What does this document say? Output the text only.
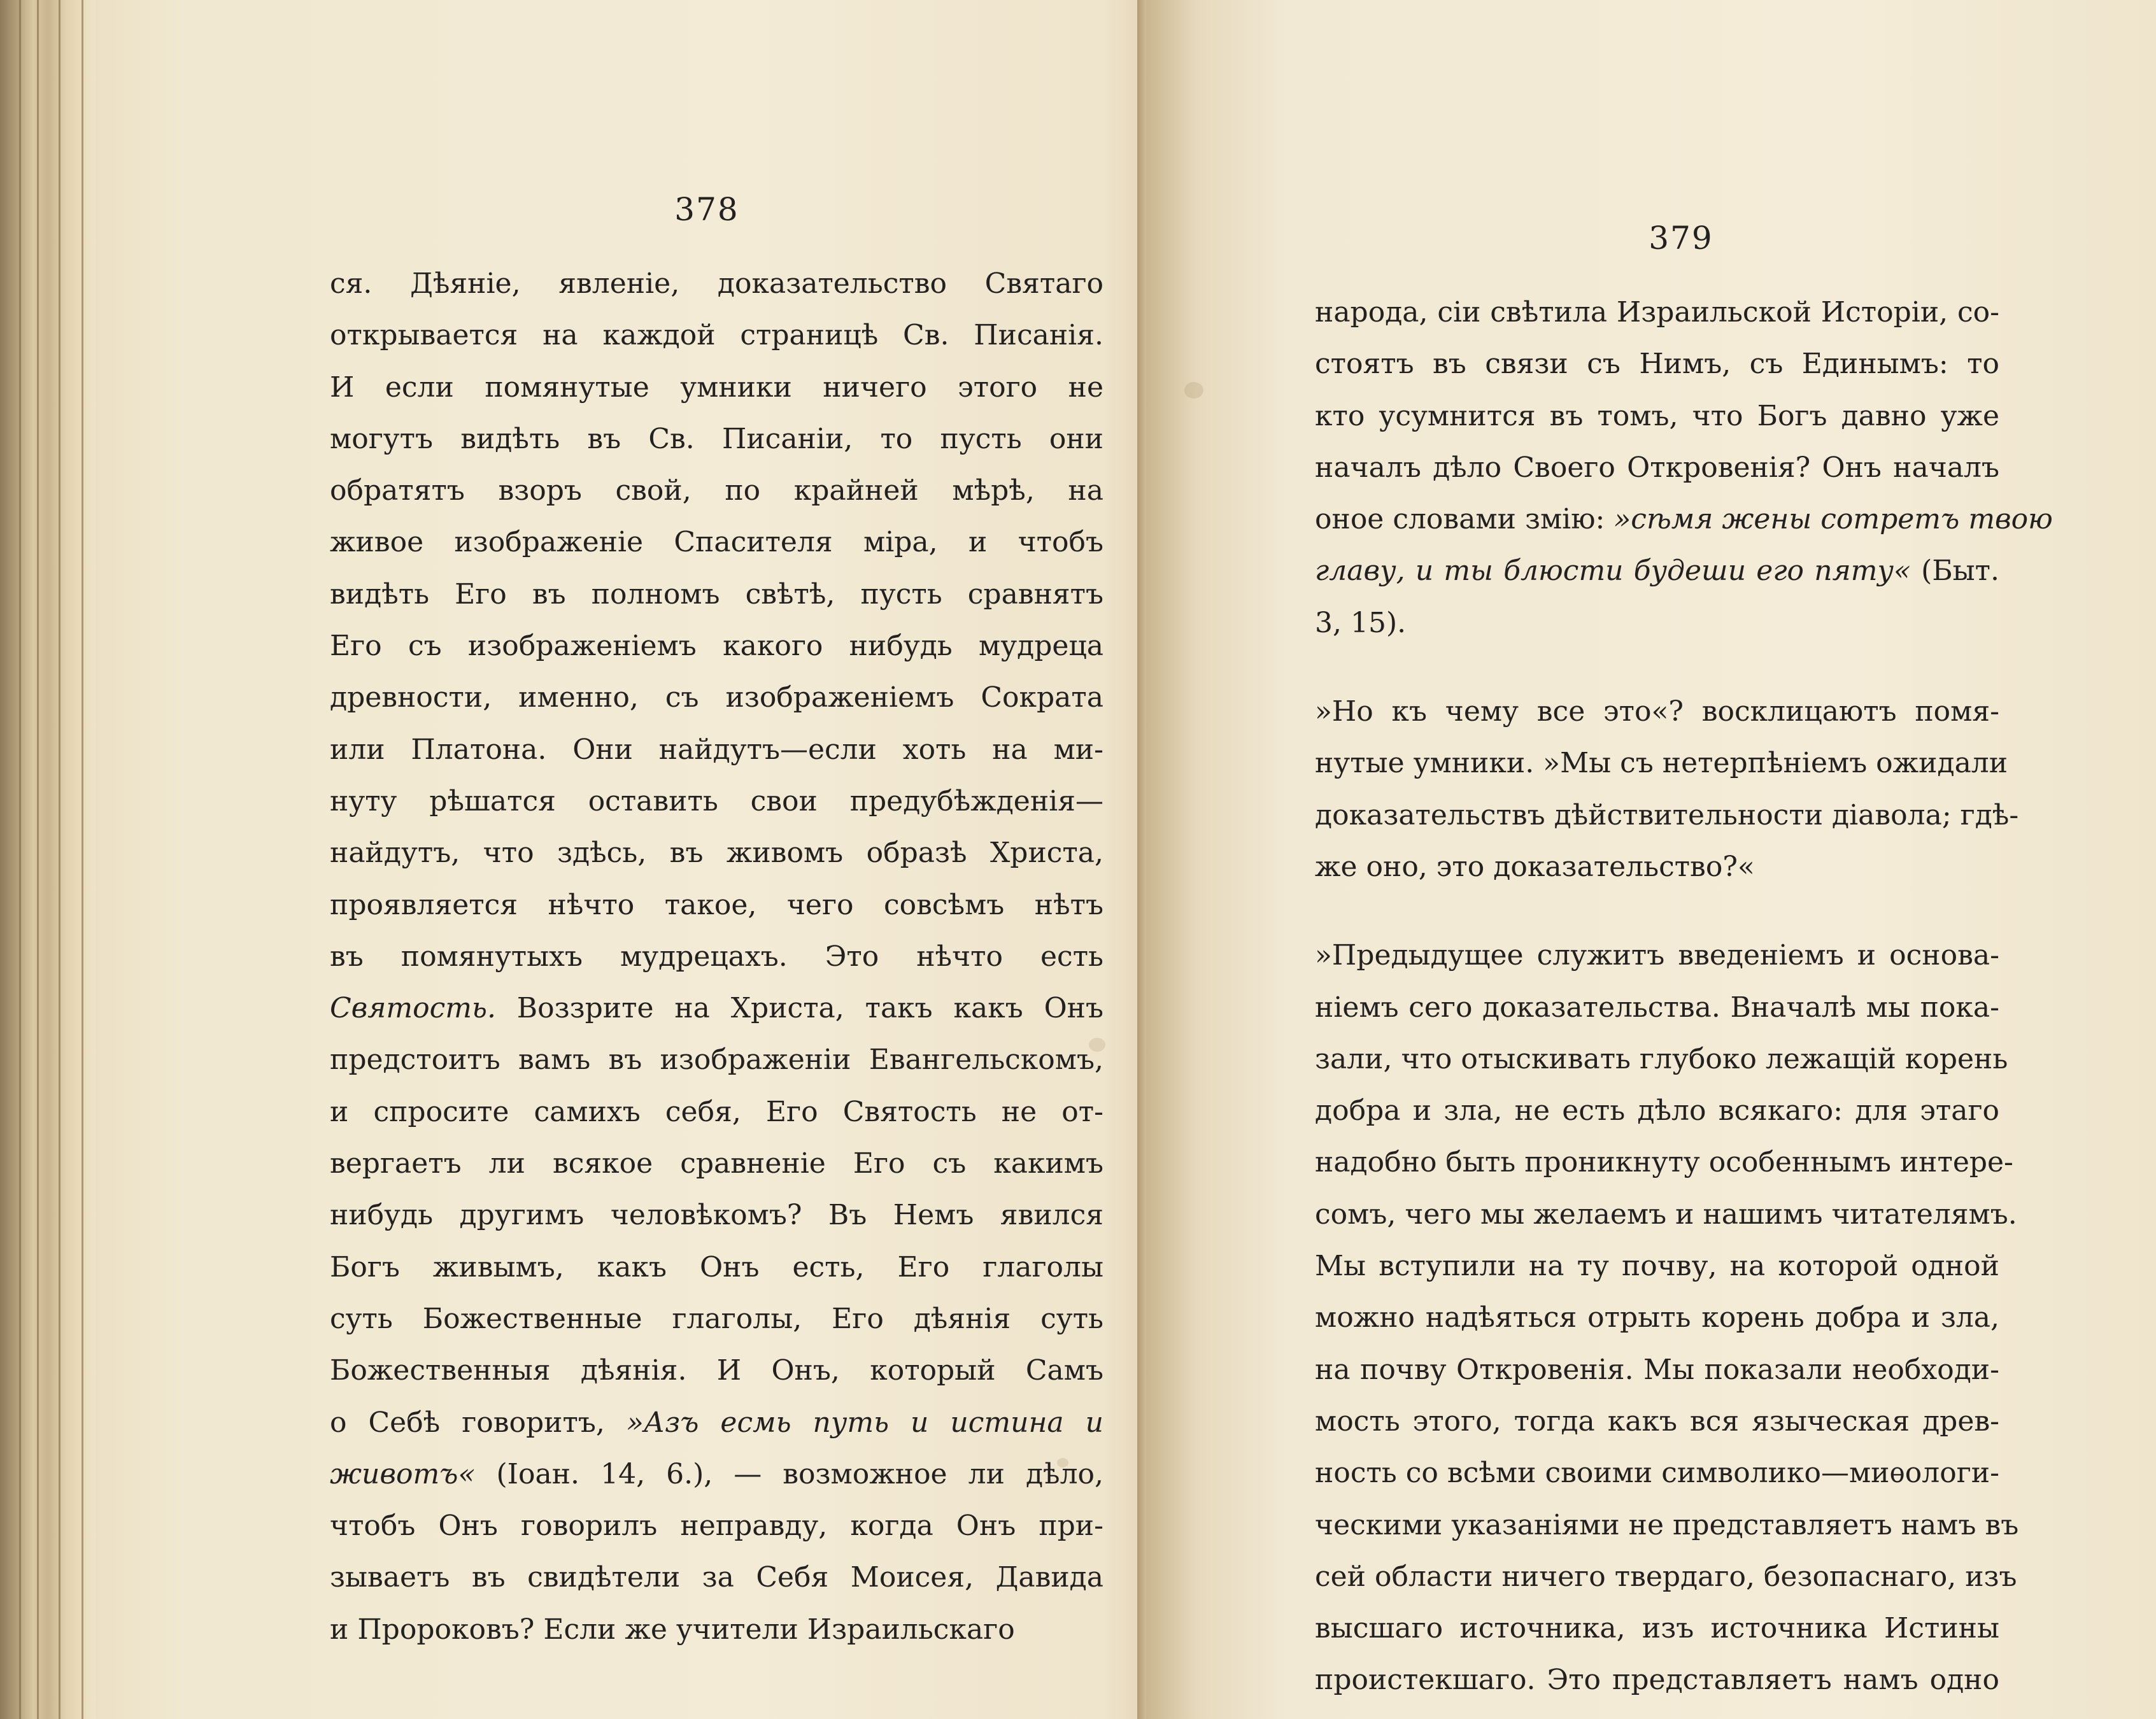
378
ся. Дѣяніе, явленіе, доказательство Святаго
открывается на каждой страницѣ Св. Писанія.
И если помянутые умники ничего этого не
могутъ видѣть въ Св. Писаніи, то пусть они
обратятъ взоръ свой, по крайней мѣрѣ, на
живое изображеніе Спасителя міра, и чтобъ
видѣть Его въ полномъ свѣтѣ, пусть сравнятъ
Его съ изображеніемъ какого нибудь мудреца
древности, именно, съ изображеніемъ Сократа
или Платона. Они найдутъ—если хоть на ми-
нуту рѣшатся оставить свои предубѣжденія—
найдутъ, что здѣсь, въ живомъ образѣ Христа,
проявляется нѣчто такое, чего совсѣмъ нѣтъ
въ помянутыхъ мудрецахъ. Это нѣчто есть
Святость. Воззрите на Христа, такъ какъ Онъ
предстоитъ вамъ въ изображеніи Евангельскомъ,
и спросите самихъ себя, Его Святость не от-
вергаетъ ли всякое сравненіе Его съ какимъ
нибудь другимъ человѣкомъ? Въ Немъ явился
Богъ живымъ, какъ Онъ есть, Его глаголы
суть Божественные глаголы, Его дѣянія суть
Божественныя дѣянія. И Онъ, который Самъ
о Себѣ говоритъ, »Азъ есмь путь и истина и
животъ« (Іоан. 14, 6.), — возможное ли дѣло,
чтобъ Онъ говорилъ неправду, когда Онъ при-
зываетъ въ свидѣтели за Себя Моисея, Давида
и Пророковъ? Если же учители Израильскаго
379
народа, сіи свѣтила Израильской Исторіи, со-
стоятъ въ связи съ Нимъ, съ Единымъ: то
кто усумнится въ томъ, что Богъ давно уже
началъ дѣло Своего Откровенія? Онъ началъ
оное словами змію: »сѣмя жены сотретъ твою
главу, и ты блюсти будеши его пяту« (Быт.
3, 15).
»Но къ чему все это«? восклицаютъ помя-
нутые умники. »Мы съ нетерпѣніемъ ожидали
доказательствъ дѣйствительности діавола; гдѣ-
же оно, это доказательство?«
»Предыдущее служитъ введеніемъ и основа-
ніемъ сего доказательства. Вначалѣ мы пока-
зали, что отыскивать глубоко лежащій корень
добра и зла, не есть дѣло всякаго: для этаго
надобно быть проникнуту особеннымъ интере-
сомъ, чего мы желаемъ и нашимъ читателямъ.
Мы вступили на ту почву, на которой одной
можно надѣяться отрыть корень добра и зла,
на почву Откровенія. Мы показали необходи-
мость этого, тогда какъ вся языческая древ-
ность со всѣми своими символико—миѳологи-
ческими указаніями не представляетъ намъ въ
сей области ничего твердаго, безопаснаго, изъ
высшаго источника, изъ источника Истины
проистекшаго. Это представляетъ намъ одно
